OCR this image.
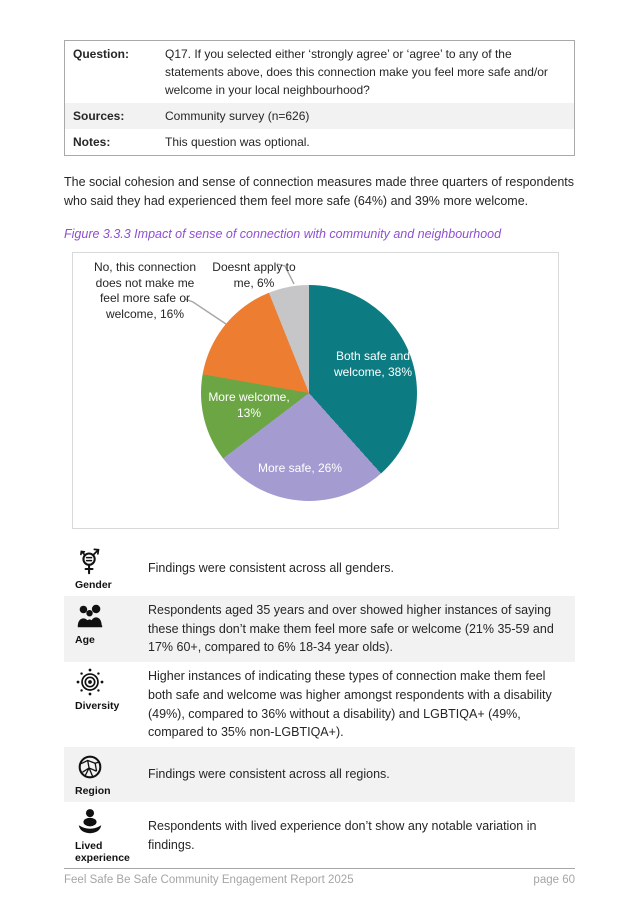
Question:	Q17. If you selected either ‘strongly agree’ or ‘agree’ to any of the statements above, does this connection make you feel more safe and/or welcome in your local neighbourhood?
Sources:	Community survey (n=626)
Notes:	This question was optional.

The social cohesion and sense of connection measures made three quarters of respondents who said they had experienced them feel more safe (64%) and 39% more welcome.

Figure 3.3.3 Impact of sense of connection with community and neighbourhood

Both safe and welcome, 38%
More safe, 26%
More welcome, 13%
No, this connection does not make me feel more safe or welcome, 16%
Doesnt apply to me, 6%
Gender
Findings were consistent across all genders.
Age
Respondents aged 35 years and over showed higher instances of saying these things don’t make them feel more safe or welcome (21% 35-59 and 17% 60+, compared to 6% 18-34 year olds).
Diversity
Higher instances of indicating these types of connection make them feel both safe and welcome was higher amongst respondents with a disability (49%), compared to 36% without a disability) and LGBTIQA+ (49%, compared to 35% non-LGBTIQA+).
Region
Findings were consistent across all regions.
Lived experience
Respondents with lived experience don’t show any notable variation in findings.
Feel Safe Be Safe Community Engagement Report 2025	page 60
